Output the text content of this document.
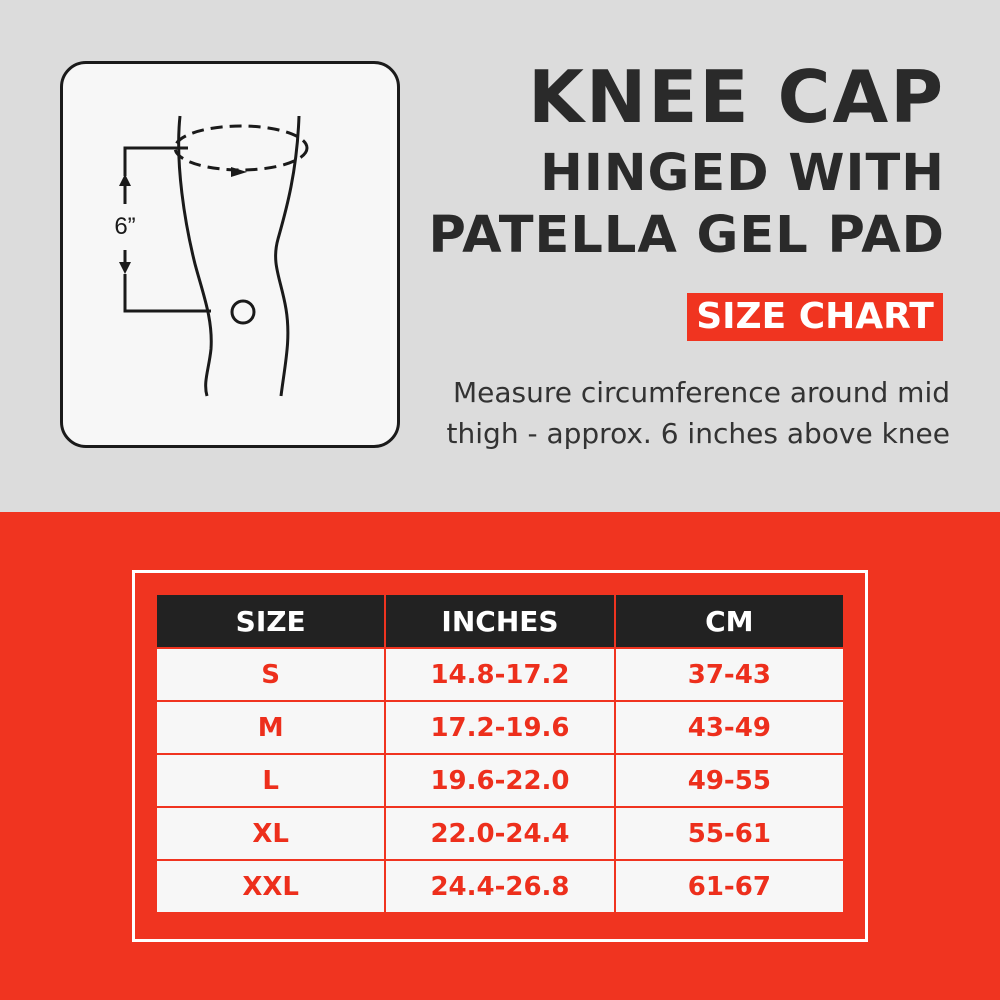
6”
KNEE CAP
HINGED WITH
PATELLA GEL PAD
SIZE CHART
Measure circumference around mid
thigh - approx. 6 inches above knee
SIZE	INCHES	CM
S	14.8-17.2	37-43
M	17.2-19.6	43-49
L	19.6-22.0	49-55
XL	22.0-24.4	55-61
XXL	24.4-26.8	61-67
